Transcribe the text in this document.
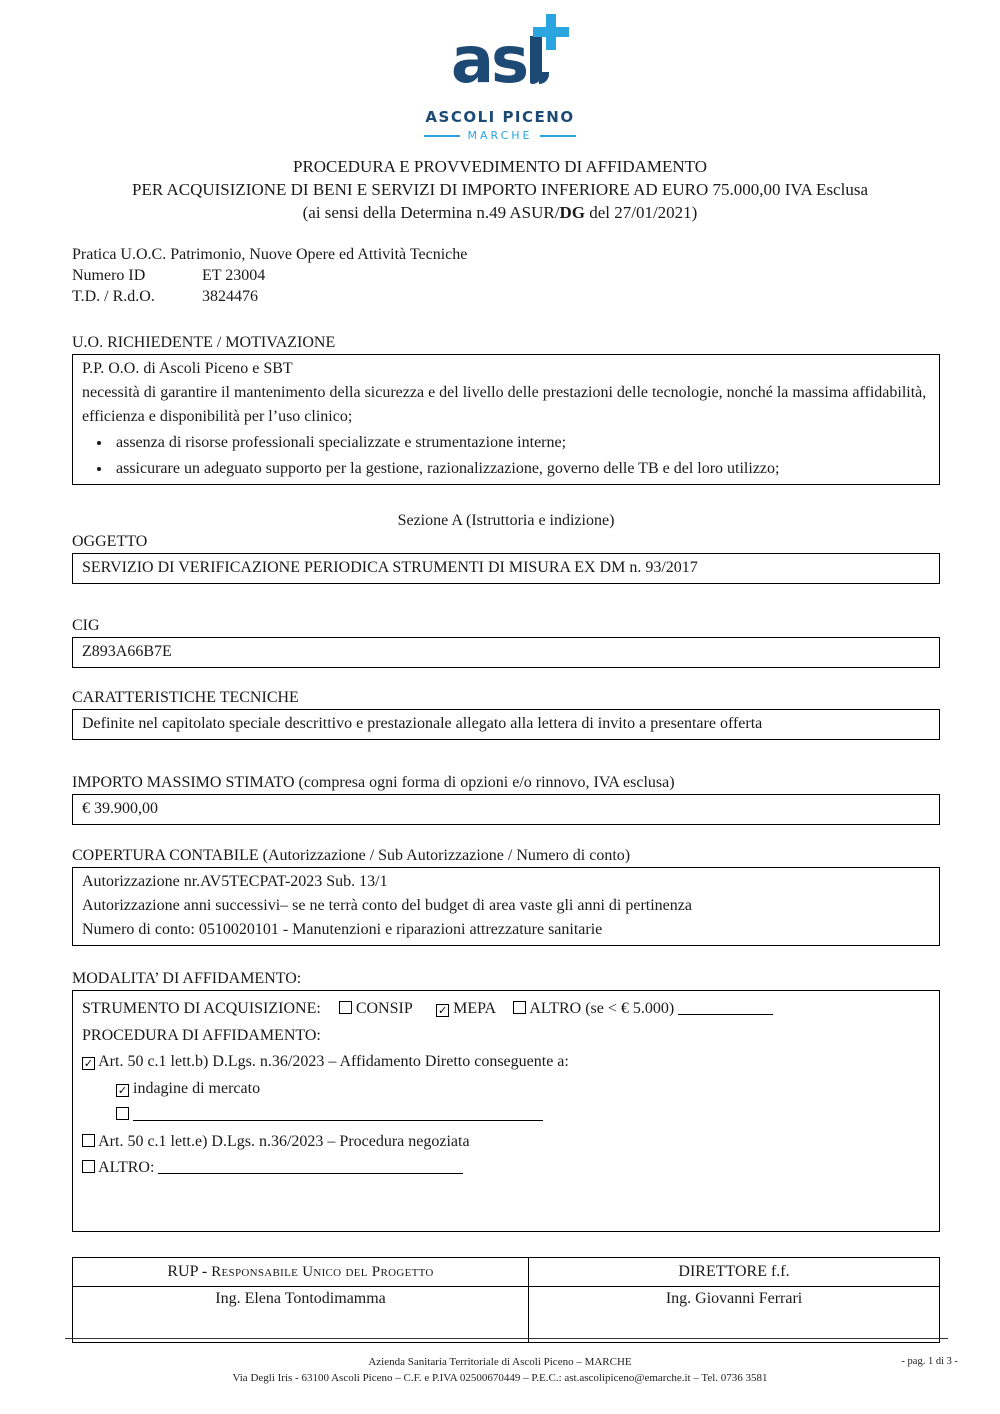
as
ASCOLI PICENO
MARCHE
PROCEDURA E PROVVEDIMENTO DI AFFIDAMENTO
PER ACQUISIZIONE DI BENI E SERVIZI DI IMPORTO INFERIORE AD EURO 75.000,00 IVA Esclusa
(ai sensi della Determina n.49 ASUR/DG del 27/01/2021)
Pratica U.O.C. Patrimonio, Nuove Opere ed Attività Tecniche
Numero ID	ET 23004
T.D. / R.d.O.	3824476
U.O. RICHIEDENTE / MOTIVAZIONE
P.P. O.O. di Ascoli Piceno e SBT
necessità di garantire il mantenimento della sicurezza e del livello delle prestazioni delle tecnologie, nonché la massima affidabilità, efficienza e disponibilità per l’uso clinico;
• assenza di risorse professionali specializzate e strumentazione interne;
• assicurare un adeguato supporto per la gestione, razionalizzazione, governo delle TB e del loro utilizzo;
Sezione A (Istruttoria e indizione)
OGGETTO
SERVIZIO DI VERIFICAZIONE PERIODICA STRUMENTI DI MISURA EX DM n. 93/2017
CIG
Z893A66B7E
CARATTERISTICHE TECNICHE
Definite nel capitolato speciale descrittivo e prestazionale allegato alla lettera di invito a presentare offerta
IMPORTO MASSIMO STIMATO (compresa ogni forma di opzioni e/o rinnovo, IVA esclusa)
€ 39.900,00
COPERTURA CONTABILE (Autorizzazione / Sub Autorizzazione / Numero di conto)
Autorizzazione nr.AV5TECPAT-2023 Sub. 13/1
Autorizzazione anni successivi– se ne terrà conto del budget di area vaste gli anni di pertinenza
Numero di conto: 0510020101 - Manutenzioni e riparazioni attrezzature sanitarie
MODALITA’ DI AFFIDAMENTO:
STRUMENTO DI ACQUISIZIONE: CONSIP ✓ MEPA ALTRO (se < € 5.000)
PROCEDURA DI AFFIDAMENTO:
✓ Art. 50 c.1 lett.b) D.Lgs. n.36/2023 – Affidamento Diretto conseguente a:
✓ indagine di mercato

Art. 50 c.1 lett.e) D.Lgs. n.36/2023 – Procedura negoziata
ALTRO:
RUP - Responsabile Unico del Progetto	DIRETTORE f.f.
Ing. Elena Tontodimamma	Ing. Giovanni Ferrari
Azienda Sanitaria Territoriale di Ascoli Piceno – MARCHE
Via Degli Iris - 63100 Ascoli Piceno – C.F. e P.IVA 02500670449 – P.E.C.: ast.ascolipiceno@emarche.it – Tel. 0736 3581
- pag. 1 di 3 -
